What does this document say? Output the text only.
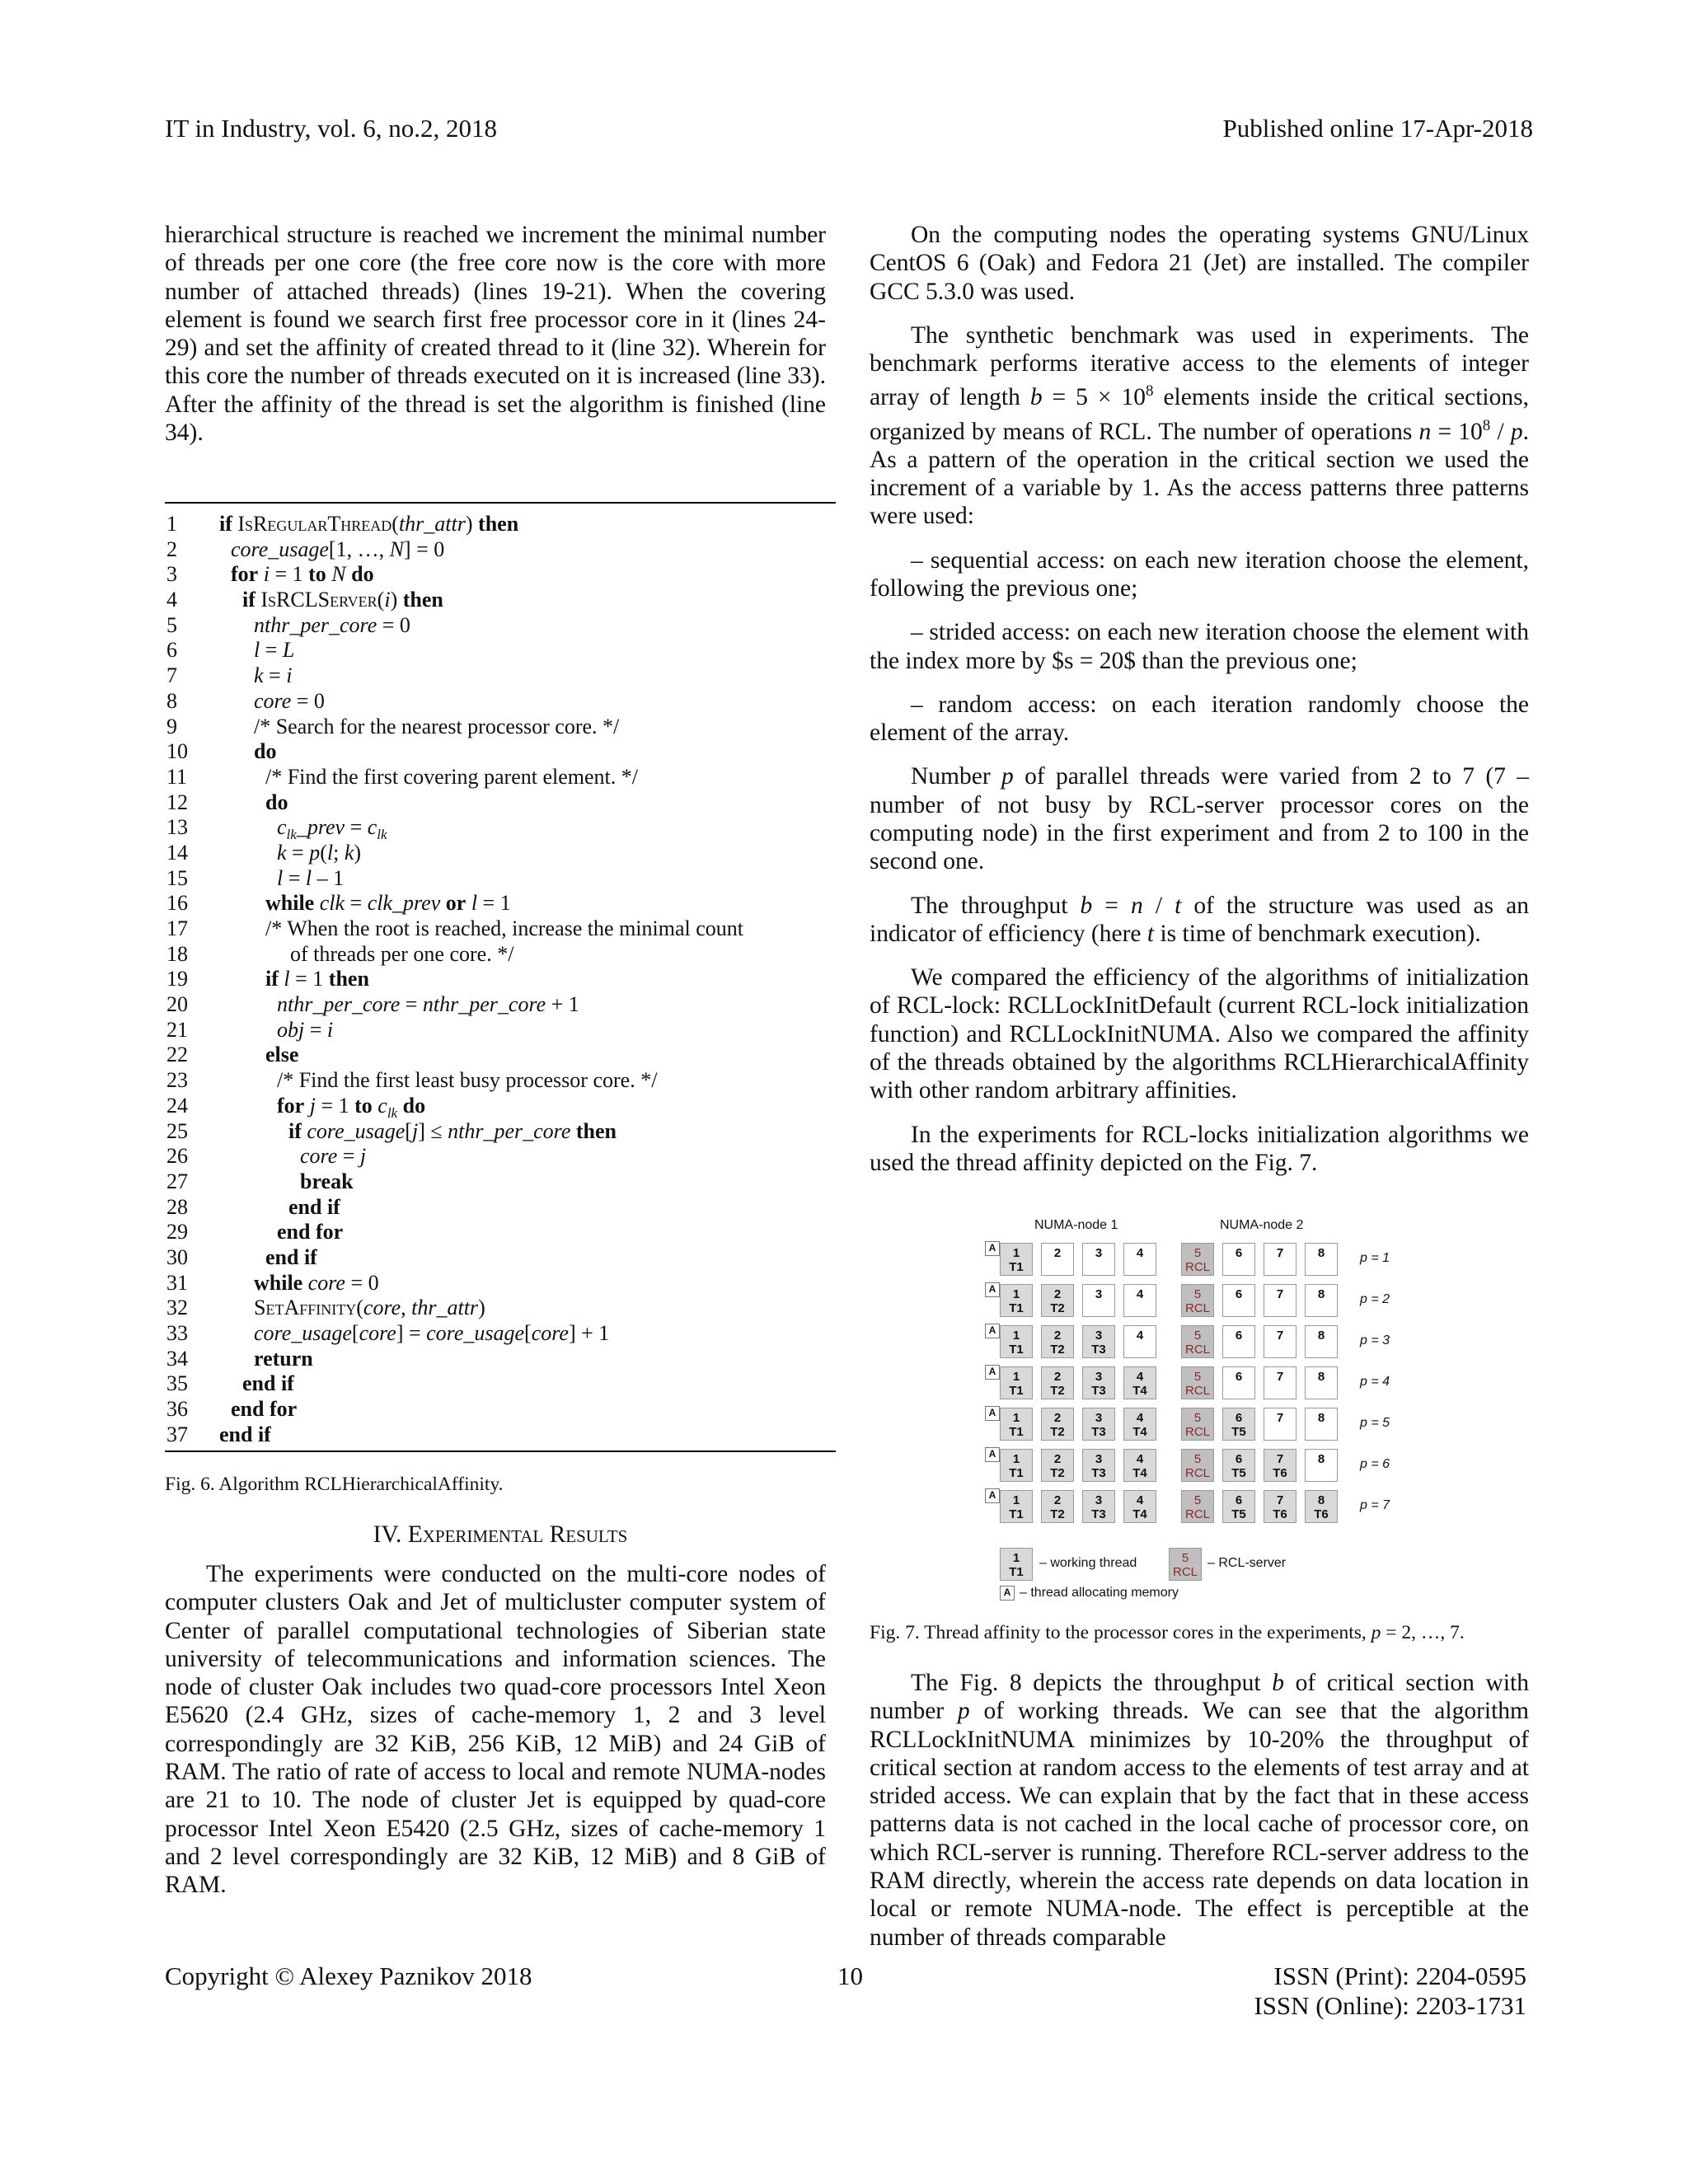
IT in Industry, vol. 6, no.2, 2018	Published online 17-Apr-2018

hierarchical structure is reached we increment the minimal number of threads per one core (the free core now is the core with more number of attached threads) (lines 19-21). When the covering element is found we search first free processor core in it (lines 24-29) and set the affinity of created thread to it (line 32). Wherein for this core the number of threads executed on it is increased (line 33). After the affinity of the thread is set the algorithm is finished (line 34).

1 if IsRegularThread(thr_attr) then
2	core_usage[1, …, N] = 0
3	for i = 1 to N do
4	if IsRCLServer(i) then
5	nthr_per_core = 0
6	l = L
7	k = i
8	core = 0
9	/* Search for the nearest processor core. */
10	do
11	/* Find the first covering parent element. */
12	do
13	$c_{lk}\_prev = c_{lk}$
14	k = p(l; k)
15	l = l – 1
16	while clk = clk_prev or l = 1
17	/* When the root is reached, increase the minimal count
18	of threads per one core. */
19	if l = 1 then
20	nthr_per_core = nthr_per_core + 1
21	obj = i
22	else
23	/* Find the first least busy processor core. */
24	for j = 1 to $c_{lk}$ do
25	if core_usage[j] ≤ nthr_per_core then
26	core = j
27	break
28	end if
29	end for
30	end if
31	while core = 0
32	SetAffinity(core, thr_attr)
33	core_usage[core] = core_usage[core] + 1
34	return
35	end if
36 end for
37 end if
Fig. 6. Algorithm RCLHierarchicalAffinity.
IV. Experimental Results

The experiments were conducted on the multi-core nodes of computer clusters Oak and Jet of multicluster computer system of Center of parallel computational technologies of Siberian state university of telecommunications and information sciences. The node of cluster Oak includes two quad-core processors Intel Xeon E5620 (2.4 GHz, sizes of cache-memory 1, 2 and 3 level correspondingly are 32 KiB, 256 KiB, 12 MiB) and 24 GiB of RAM. The ratio of rate of access to local and remote NUMA-nodes are 21 to 10. The node of cluster Jet is equipped by quad-core processor Intel Xeon E5420 (2.5 GHz, sizes of cache-memory 1 and 2 level correspondingly are 32 KiB, 12 MiB) and 8 GiB of RAM.

On the computing nodes the operating systems GNU/Linux CentOS 6 (Oak) and Fedora 21 (Jet) are installed. The compiler GCC 5.3.0 was used.

The synthetic benchmark was used in experiments. The benchmark performs iterative access to the elements of integer array of length $b = 5 \times 10^8$ elements inside the critical sections, organized by means of RCL. The number of operations $n = 10^8 / p$. As a pattern of the operation in the critical section we used the increment of a variable by 1. As the access patterns three patterns were used:

– sequential access: on each new iteration choose the element, following the previous one;

– strided access: on each new iteration choose the element with the index more by $s = 20$ than the previous one;

– random access: on each iteration randomly choose the element of the array.

Number p of parallel threads were varied from 2 to 7 (7 – number of not busy by RCL-server processor cores on the computing node) in the first experiment and from 2 to 100 in the second one.

The throughput b = n / t of the structure was used as an indicator of efficiency (here t is time of benchmark execution).

We compared the efficiency of the algorithms of initialization of RCL-lock: RCLLockInitDefault (current RCL-lock initialization function) and RCLLockInitNUMA. Also we compared the affinity of the threads obtained by the algorithms RCLHierarchicalAffinity with other random arbitrary affinities.

In the experiments for RCL-locks initialization algorithms we used the thread affinity depicted on the Fig. 7.

NUMA-node 1	NUMA-node 2
A	1
T1
2	3	4	5
RCL
6	7	8	p = 1
A	1
T1
2
T2
3	4	5
RCL
6	7	8	p = 2
A	1
T1
2
T2
3
T3
4	5
RCL
6	7	8	p = 3
A	1
T1
2
T2
3
T3
4
T4
5
RCL
6	7	8	p = 4
A	1
T1
2
T2
3
T3
4
T4
5
RCL
6
T5
7	8	p = 5
A	1
T1
2
T2
3
T3
4
T4
5
RCL
6
T5
7
T6
8	p = 6
A	1
T1
2
T2
3
T3
4
T4
5
RCL
6
T5
7
T6
8
T6
p = 7
1
T1
– working thread	5
RCL
– RCL-server
A – thread allocating memory
Fig. 7. Thread affinity to the processor cores in the experiments, p = 2, …, 7.

The Fig. 8 depicts the throughput b of critical section with number p of working threads. We can see that the algorithm RCLLockInitNUMA minimizes by 10-20% the throughput of critical section at random access to the elements of test array and at strided access. We can explain that by the fact that in these access patterns data is not cached in the local cache of processor core, on which RCL-server is running. Therefore RCL-server address to the RAM directly, wherein the access rate depends on data location in local or remote NUMA-node. The effect is perceptible at the number of threads comparable

Copyright © Alexey Paznikov 2018	10	ISSN (Print): 2204-0595
ISSN (Online): 2203-1731
